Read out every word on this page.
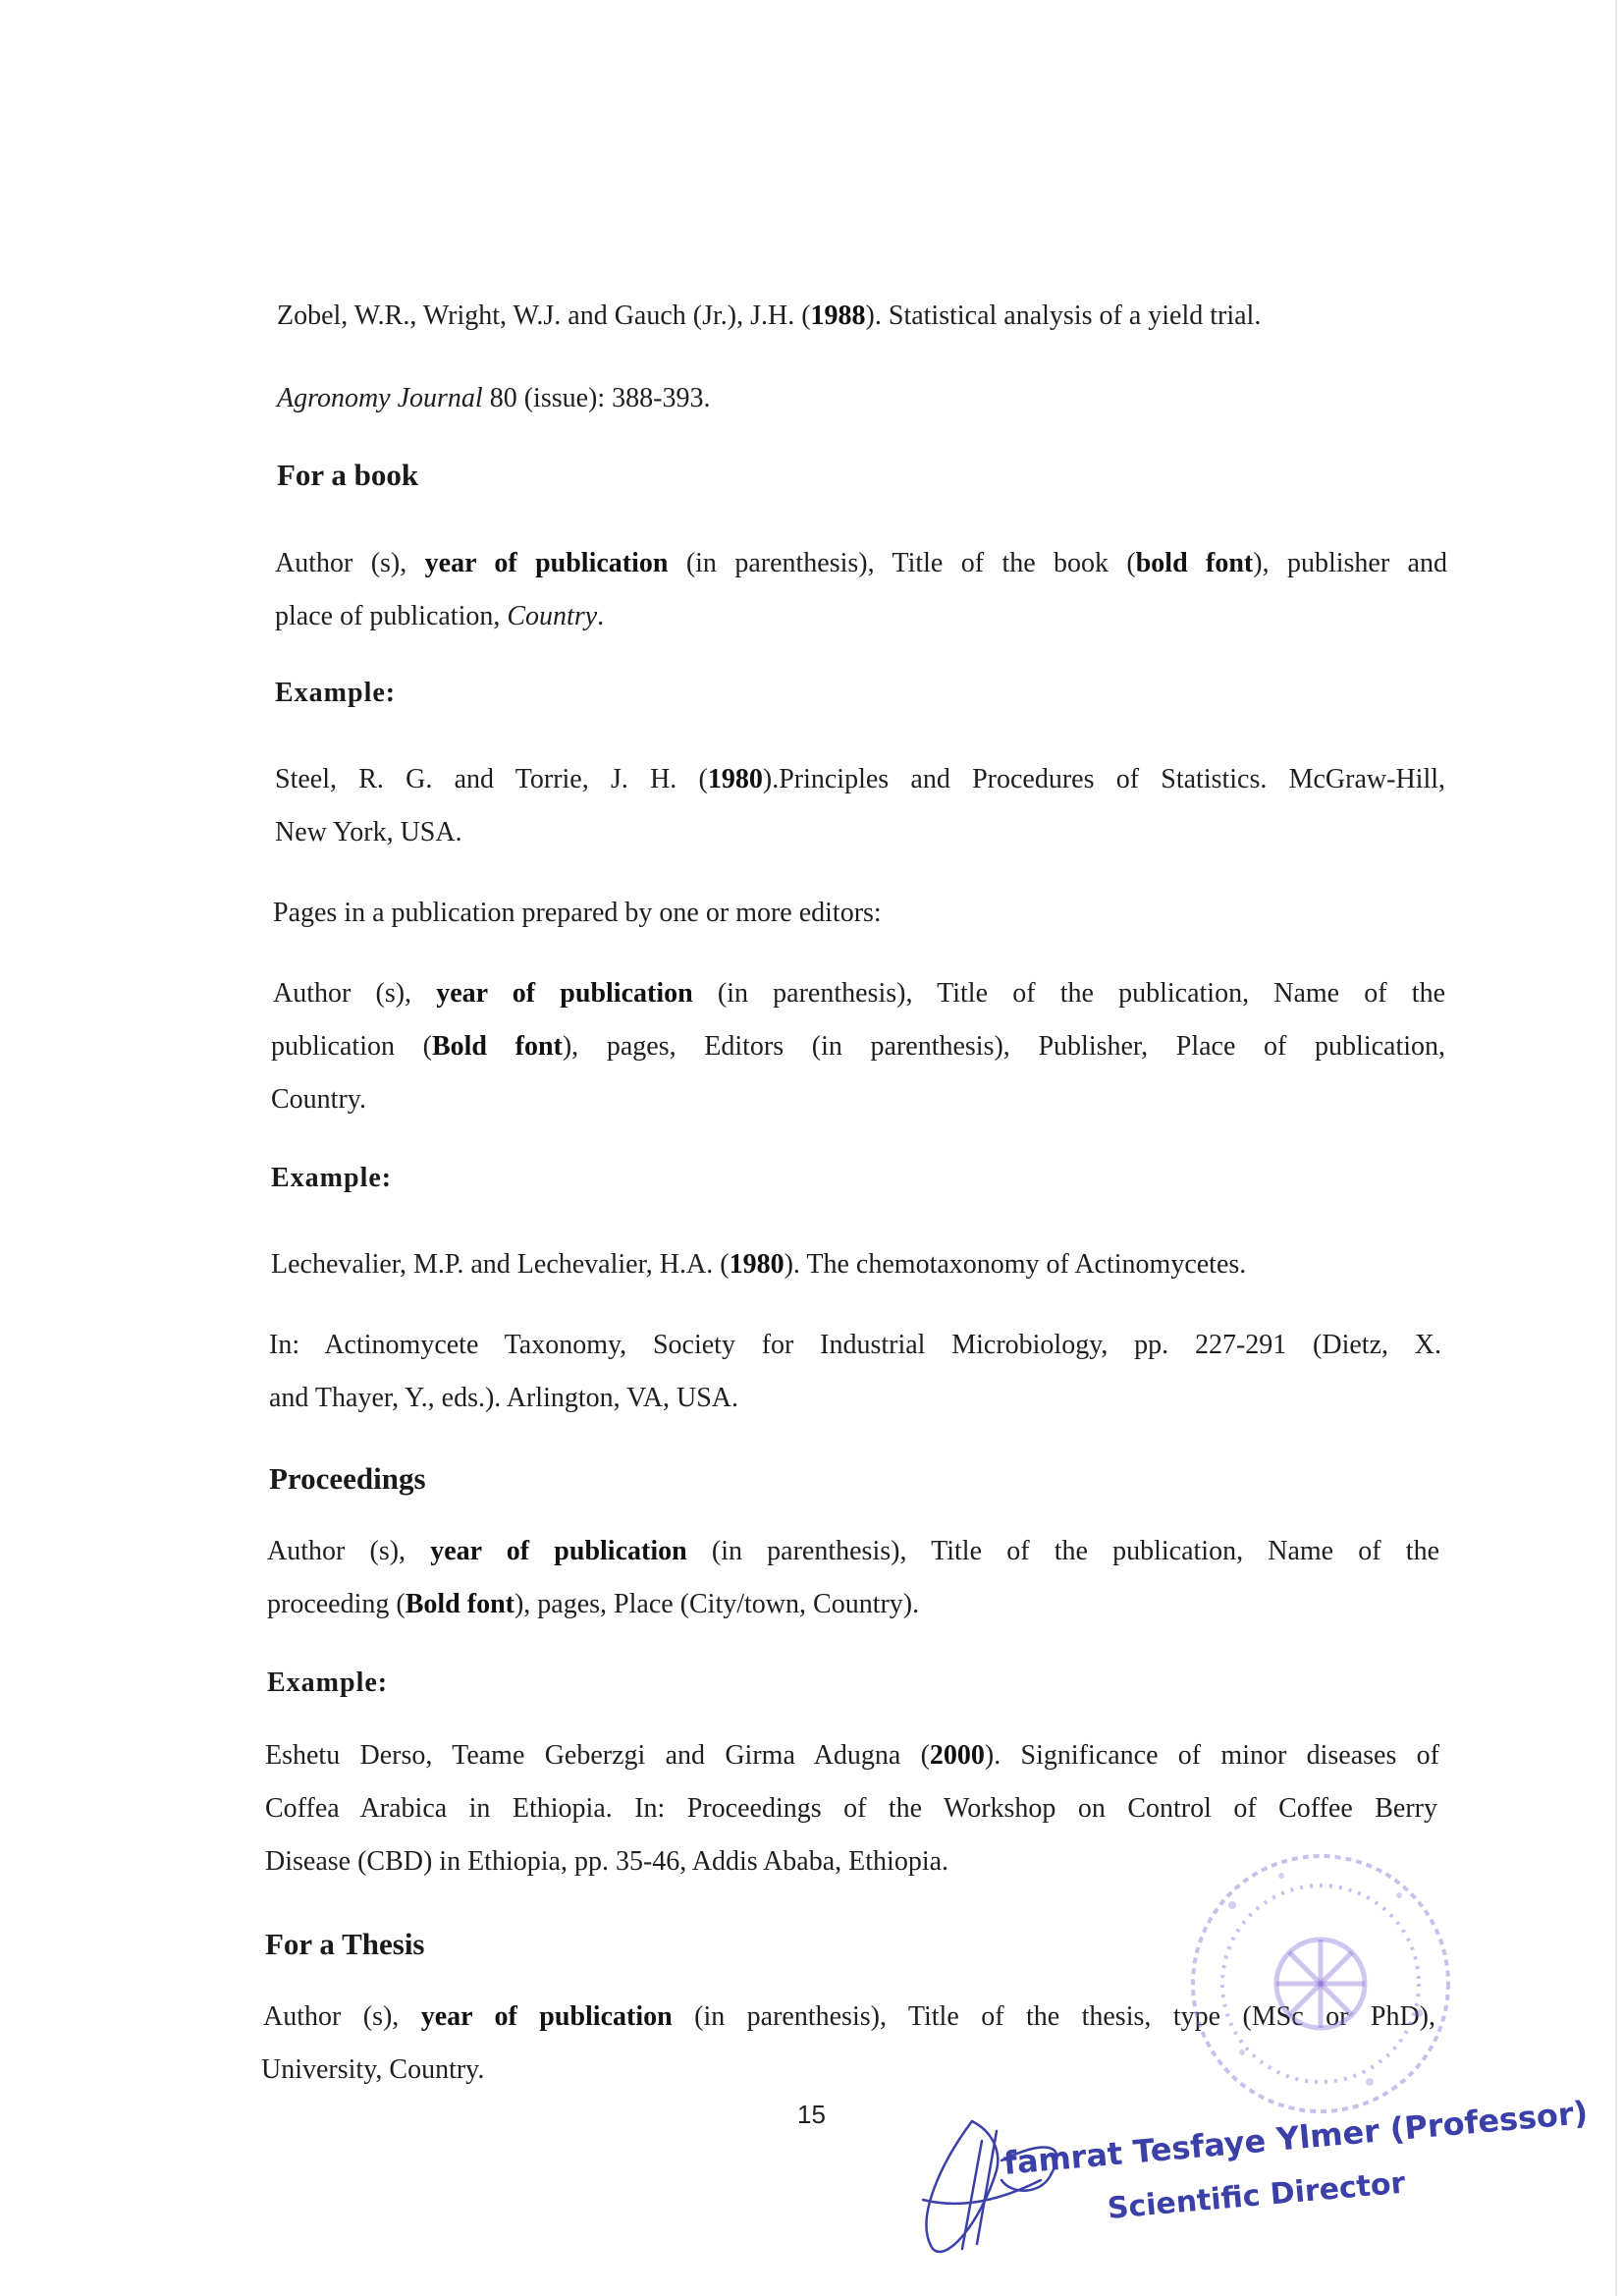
Zobel, W.R., Wright, W.J. and Gauch (Jr.), J.H. (1988). Statistical analysis of a yield trial.
Agronomy Journal 80 (issue): 388-393.
For a book
Author (s), year of publication (in parenthesis), Title of the book (bold font), publisher and
place of publication, Country.
Example:
Steel, R. G. and Torrie, J. H. (1980).Principles and Procedures of Statistics. McGraw-Hill,
New York, USA.
Pages in a publication prepared by one or more editors:
Author (s), year of publication (in parenthesis), Title of the publication, Name of the
publication (Bold font), pages, Editors (in parenthesis), Publisher, Place of publication,
Country.
Example:
Lechevalier, M.P. and Lechevalier, H.A. (1980). The chemotaxonomy of Actinomycetes.
In: Actinomycete Taxonomy, Society for Industrial Microbiology, pp. 227-291 (Dietz, X.
and Thayer, Y., eds.). Arlington, VA, USA.
Proceedings
Author (s), year of publication (in parenthesis), Title of the publication, Name of the
proceeding (Bold font), pages, Place (City/town, Country).
Example:
Eshetu Derso, Teame Geberzgi and Girma Adugna (2000). Significance of minor diseases of
Coffea Arabica in Ethiopia. In: Proceedings of the Workshop on Control of Coffee Berry
Disease (CBD) in Ethiopia, pp. 35-46, Addis Ababa, Ethiopia.
For a Thesis
Author (s), year of publication (in parenthesis), Title of the thesis, type (MSc or PhD),
University, Country.
15	famrat Tesfaye Ylmer (Professor)
Scientific Director
